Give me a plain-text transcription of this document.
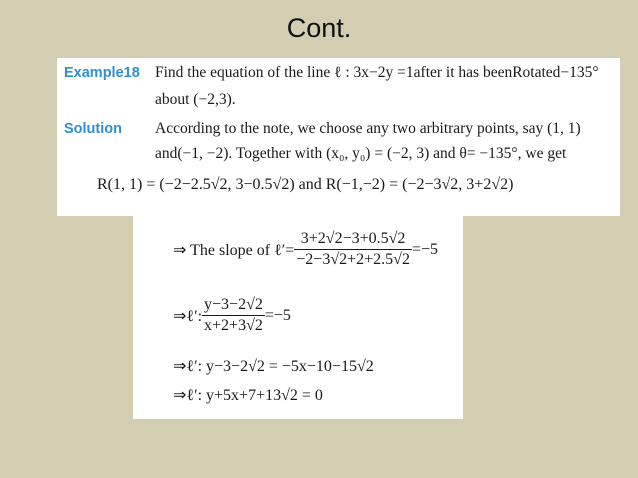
Cont.
Example18 Find the equation of the line ℓ : 3x−2y =1after it has beenRotated−135°
about (−2,3).
Solution According to the note, we choose any two arbitrary points, say (1, 1)
and(−1, −2). Together with (x₀, y₀) = (−2, 3) and θ= −135°, we get
R(1, 1) = (−2−2.5√2, 3−0.5√2) and R(−1,−2) = (−2−3√2, 3+2√2)
⇒ The slope of ℓ′= $\frac{3+2√2-3+0.5√2}{-2-3√2+2+2.5√2} =-5$
⇒ℓ′: $\frac{y-3-2√2}{x+2+3√2} =-5$
⇒ℓ′: y−3−2√2 = −5x−10−15√2
⇒ℓ′: y+5x+7+13√2 = 0
